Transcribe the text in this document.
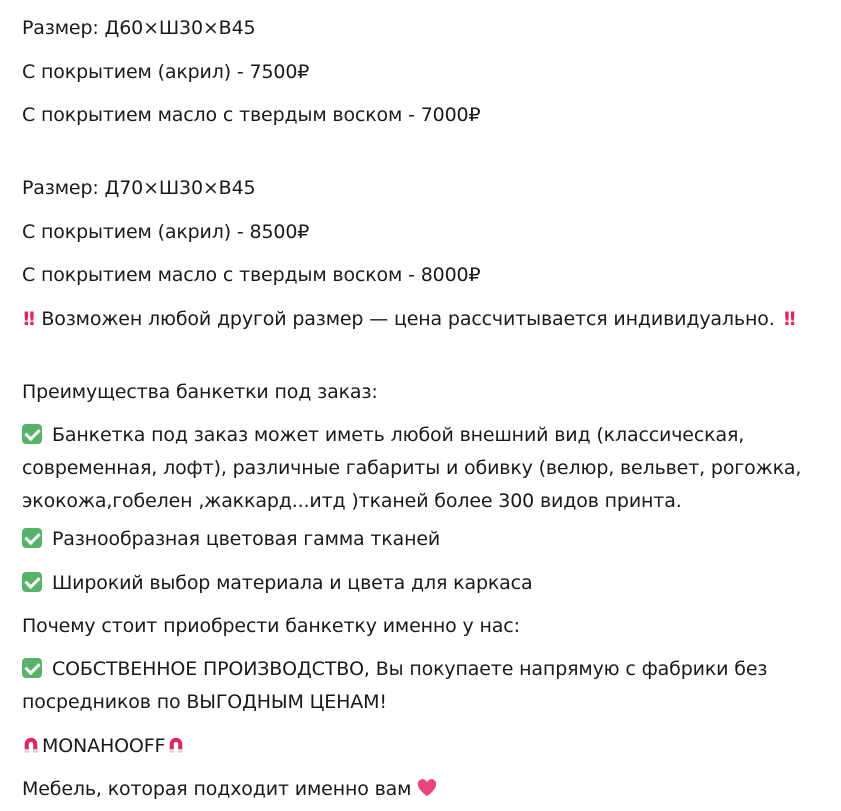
Размер: Д60×Ш30×В45
С покрытием (акрил) - 7500₽
С покрытием масло с твердым воском - 7000₽
Размер: Д70×Ш30×В45
С покрытием (акрил) - 8500₽
С покрытием масло с твердым воском - 8000₽
!! Возможен любой другой размер — цена рассчитывается индивидуально. !!
Преимущества банкетки под заказ:
Банкетка под заказ может иметь любой внешний вид (классическая, современная, лофт), различные габариты и обивку (велюр, вельвет, рогожка, экокожа,гобелен ,жаккард...итд )тканей более 300 видов принта.
Разнообразная цветовая гамма тканей
Широкий выбор материала и цвета для каркаса
Почему стоит приобрести банкетку именно у нас:
СОБСТВЕННОЕ ПРОИЗВОДСТВО, Вы покупаете напрямую с фабрики без посредников по ВЫГОДНЫМ ЦЕНАМ!
MONAHOOFF
Мебель, которая подходит именно вам
